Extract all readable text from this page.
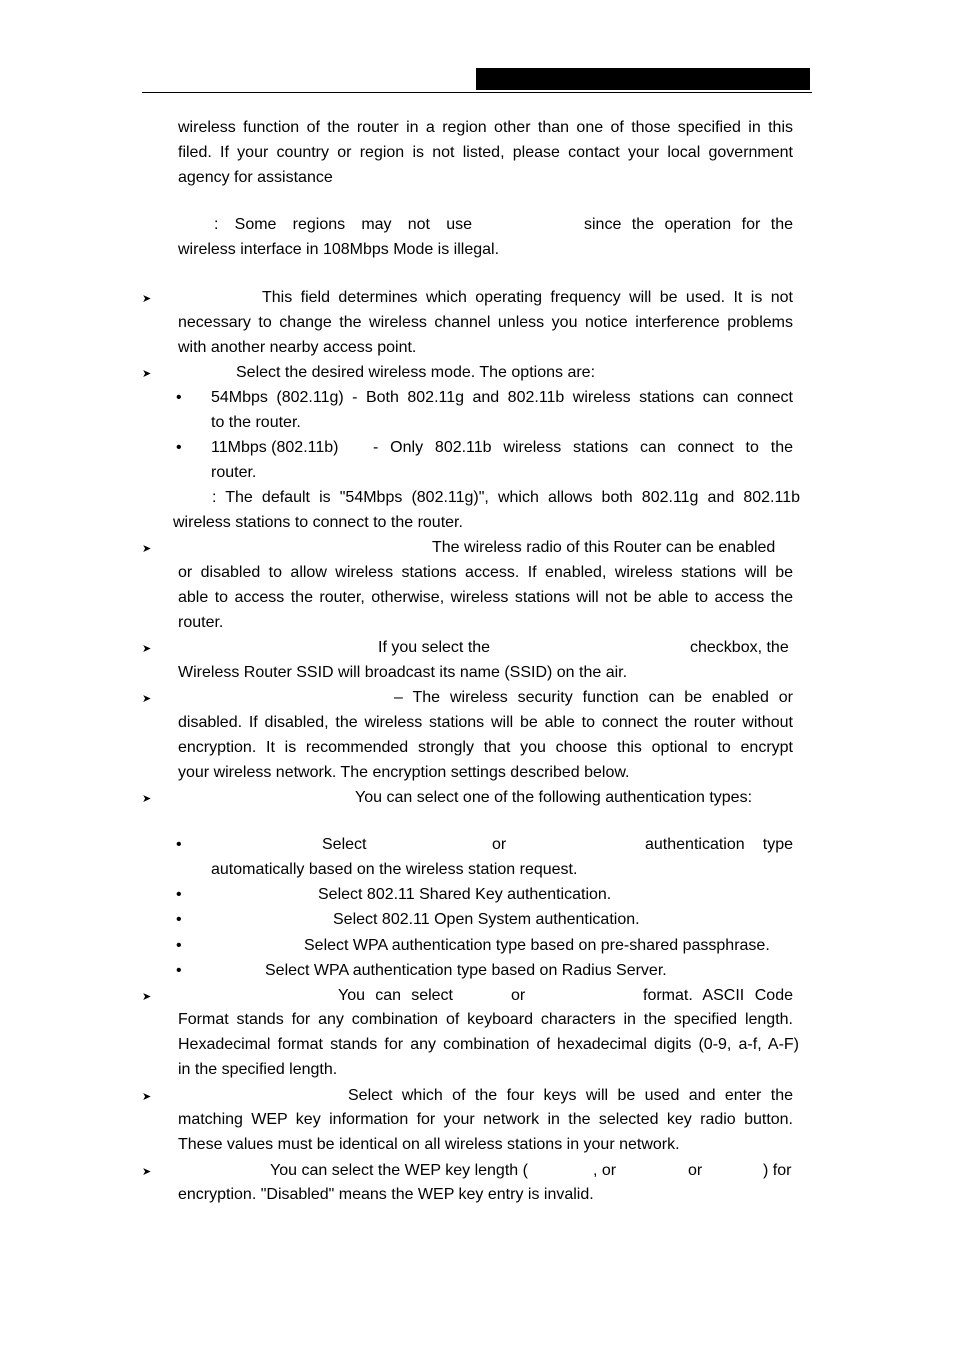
wireless function of the router in a region other than one of those specified in this
filed. If your country or region is not listed, please contact your local government
agency for assistance
: Some regions may not use	since the operation for the
wireless interface in 108Mbps Mode is illegal.
➤	This field determines which operating frequency will be used. It is not
necessary to change the wireless channel unless you notice interference problems
with another nearby access point.
➤	Select the desired wireless mode. The options are:
• 54Mbps (802.11g) - Both 802.11g and 802.11b wireless stations can connect
to the router.
• 11Mbps (802.11b) - Only 802.11b wireless stations can connect to the
router.
: The default is "54Mbps (802.11g)", which allows both 802.11g and 802.11b
wireless stations to connect to the router.
➤	The wireless radio of this Router can be enabled
or disabled to allow wireless stations access. If enabled, wireless stations will be
able to access the router, otherwise, wireless stations will not be able to access the
router.
➤	If you select the	checkbox, the
Wireless Router SSID will broadcast its name (SSID) on the air.
➤	– The wireless security function can be enabled or
disabled. If disabled, the wireless stations will be able to connect the router without
encryption. It is recommended strongly that you choose this optional to encrypt
your wireless network. The encryption settings described below.
➤	You can select one of the following authentication types:
•	Select	or	authentication type
automatically based on the wireless station request.
•	Select 802.11 Shared Key authentication.
•	Select 802.11 Open System authentication.
•	Select WPA authentication type based on pre-shared passphrase.
•	Select WPA authentication type based on Radius Server.
➤	You can select	or	format. ASCII Code
Format stands for any combination of keyboard characters in the specified length.
Hexadecimal format stands for any combination of hexadecimal digits (0-9, a-f, A-F)
in the specified length.
➤	Select which of the four keys will be used and enter the
matching WEP key information for your network in the selected key radio button.
These values must be identical on all wireless stations in your network.
➤	You can select the WEP key length (	, or	or	) for
encryption. "Disabled" means the WEP key entry is invalid.
